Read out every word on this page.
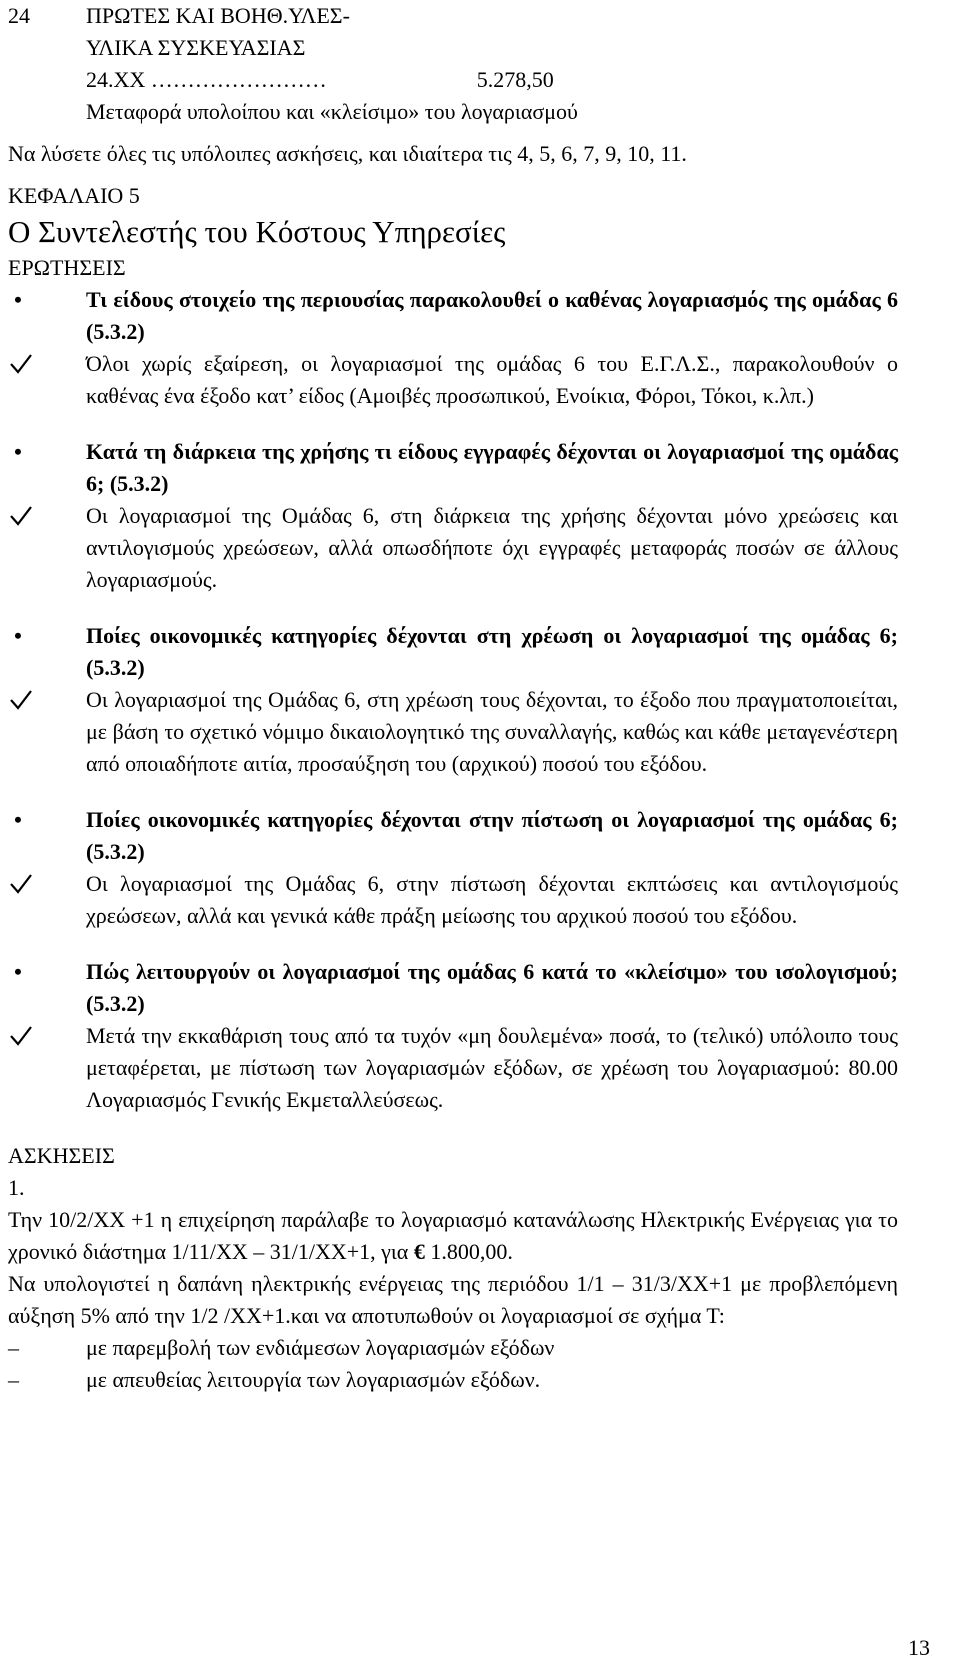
24	ΠΡΩΤΕΣ ΚΑΙ ΒΟΗΘ.ΥΛΕΣ-
ΥΛΙΚΑ ΣΥΣΚΕΥΑΣΙΑΣ
24.ΧΧ ……………………	5.278,50
Μεταφορά υπολοίπου και «κλείσιμο» του λογαριασμού
Να λύσετε όλες τις υπόλοιπες ασκήσεις, και ιδιαίτερα τις 4, 5, 6, 7, 9, 10, 11.
ΚΕΦΑΛΑΙΟ 5
Ο Συντελεστής του Κόστους Υπηρεσίες
ΕΡΩΤΗΣΕΙΣ
•	Τι είδους στοιχείο της περιουσίας παρακολουθεί ο καθένας λογαριασμός της ομάδας 6 (5.3.2)
Όλοι χωρίς εξαίρεση, οι λογαριασμοί της ομάδας 6 του Ε.Γ.Λ.Σ., παρακολουθούν ο καθένας ένα έξοδο κατ’ είδος (Αμοιβές προσωπικού, Ενοίκια, Φόροι, Τόκοι, κ.λπ.)
•	Κατά τη διάρκεια της χρήσης τι είδους εγγραφές δέχονται οι λογαριασμοί της ομάδας 6; (5.3.2)
Οι λογαριασμοί της Ομάδας 6, στη διάρκεια της χρήσης δέχονται μόνο χρεώσεις και αντιλογισμούς χρεώσεων, αλλά οπωσδήποτε όχι εγγραφές μεταφοράς ποσών σε άλλους λογαριασμούς.
•	Ποίες οικονομικές κατηγορίες δέχονται στη χρέωση οι λογαριασμοί της ομάδας 6; (5.3.2)
Οι λογαριασμοί της Ομάδας 6, στη χρέωση τους δέχονται, το έξοδο που πραγματοποιείται, με βάση το σχετικό νόμιμο δικαιολογητικό της συναλλαγής, καθώς και κάθε μεταγενέστερη από οποιαδήποτε αιτία, προσαύξηση του (αρχικού) ποσού του εξόδου.
•	Ποίες οικονομικές κατηγορίες δέχονται στην πίστωση οι λογαριασμοί της ομάδας 6; (5.3.2)
Οι λογαριασμοί της Ομάδας 6, στην πίστωση δέχονται εκπτώσεις και αντιλογισμούς χρεώσεων, αλλά και γενικά κάθε πράξη μείωσης του αρχικού ποσού του εξόδου.
•	Πώς λειτουργούν οι λογαριασμοί της ομάδας 6 κατά το «κλείσιμο» του ισολογισμού; (5.3.2)
Μετά την εκκαθάριση τους από τα τυχόν «μη δουλεμένα» ποσά, το (τελικό) υπόλοιπο τους μεταφέρεται, με πίστωση των λογαριασμών εξόδων, σε χρέωση του λογαριασμού: 80.00 Λογαριασμός Γενικής Εκμεταλλεύσεως.
ΑΣΚΗΣΕΙΣ
1.
Την 10/2/ΧΧ +1 η επιχείρηση παράλαβε το λογαριασμό κατανάλωσης Ηλεκτρικής Ενέργειας για το χρονικό διάστημα 1/11/ΧΧ – 31/1/ΧΧ+1, για € 1.800,00.
Να υπολογιστεί η δαπάνη ηλεκτρικής ενέργειας της περιόδου 1/1 – 31/3/ΧΧ+1 με προβλεπόμενη αύξηση 5% από την 1/2 /ΧΧ+1.και να αποτυπωθούν οι λογαριασμοί σε σχήμα Τ:
–	με παρεμβολή των ενδιάμεσων λογαριασμών εξόδων
–	με απευθείας λειτουργία των λογαριασμών εξόδων.
13
